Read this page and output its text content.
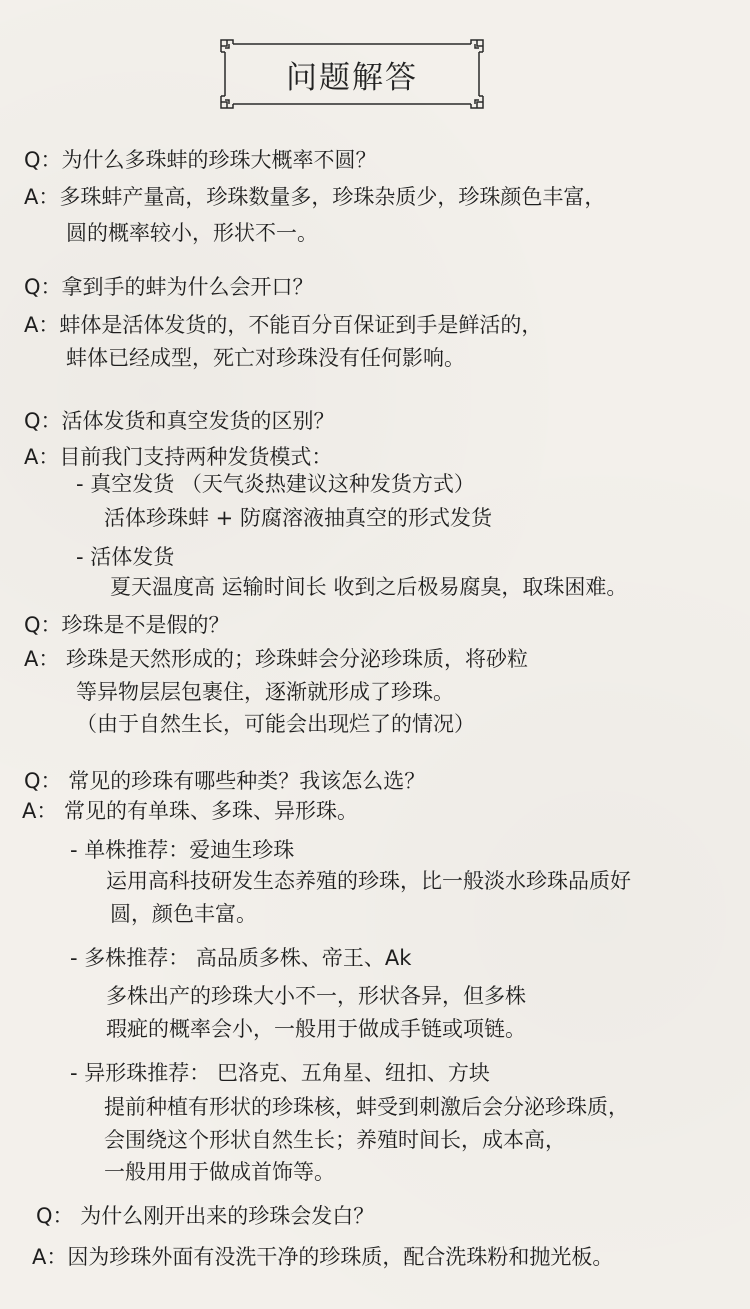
问题解答
Q：为什么多珠蚌的珍珠大概率不圆？
A：多珠蚌产量高，珍珠数量多，珍珠杂质少，珍珠颜色丰富，
圆的概率较小，形状不一。
Q：拿到手的蚌为什么会开口？
A：蚌体是活体发货的，不能百分百保证到手是鲜活的，
蚌体已经成型，死亡对珍珠没有任何影响。
Q：活体发货和真空发货的区别？
A：目前我门支持两种发货模式：
- 真空发货 （天气炎热建议这种发货方式）
活体珍珠蚌 + 防腐溶液抽真空的形式发货
- 活体发货
夏天温度高 运输时间长 收到之后极易腐臭，取珠困难。
Q：珍珠是不是假的？
A： 珍珠是天然形成的；珍珠蚌会分泌珍珠质，将砂粒
等异物层层包裹住，逐渐就形成了珍珠。
（由于自然生长，可能会出现烂了的情况）
Q： 常见的珍珠有哪些种类？我该怎么选？
A： 常见的有单珠、多珠、异形珠。
- 单株推荐：爱迪生珍珠
运用高科技研发生态养殖的珍珠，比一般淡水珍珠品质好
圆，颜色丰富。
- 多株推荐： 高品质多株、帝王、Ak
多株出产的珍珠大小不一，形状各异，但多株
瑕疵的概率会小，一般用于做成手链或项链。
- 异形珠推荐： 巴洛克、五角星、纽扣、方块
提前种植有形状的珍珠核，蚌受到刺激后会分泌珍珠质，
会围绕这个形状自然生长；养殖时间长，成本高，
一般用用于做成首饰等。
Q： 为什么刚开出来的珍珠会发白？
A：因为珍珠外面有没洗干净的珍珠质，配合洗珠粉和抛光板。
